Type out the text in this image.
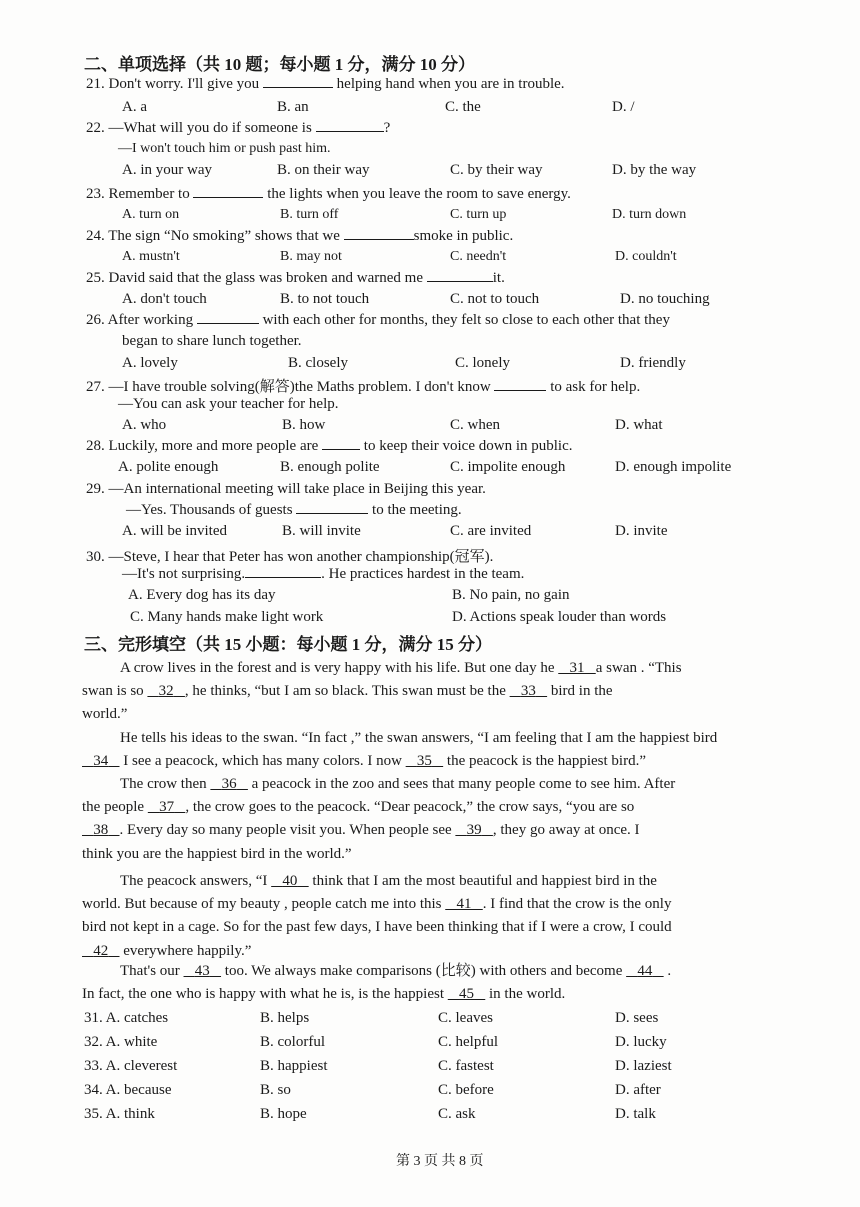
二、单项选择（共 10 题；每小题 1 分，满分 10 分）
21. Don't worry. I'll give you	helping hand when you are in trouble.
A. a	B. an	C. the	D. /
22. —What will you do if someone is	?
—I won't touch him or push past him.
A. in your way	B. on their way	C. by their way	D. by the way
23. Remember to	the lights when you leave the room to save energy.
A. turn on	B. turn off	C. turn up	D. turn down
24. The sign “No smoking” shows that we	smoke in public.
A. mustn't	B. may not	C. needn't	D. couldn't
25. David said that the glass was broken and warned me	it.
A. don't touch	B. to not touch	C. not to touch	D. no touching
26. After working	with each other for months, they felt so close to each other that they
began to share lunch together.
A. lovely	B. closely	C. lonely	D. friendly
27. —I have trouble solving(解答)the Maths problem. I don't know	to ask for help.
—You can ask your teacher for help.
A. who	B. how	C. when	D. what
28. Luckily, more and more people are	to keep their voice down in public.
A. polite enough	B. enough polite	C. impolite enough	D. enough impolite
29. —An international meeting will take place in Beijing this year.
—Yes. Thousands of guests	to the meeting.
A. will be invited	B. will invite	C. are invited	D. invite
30. —Steve, I hear that Peter has won another championship(冠军).
—It's not surprising.	. He practices hardest in the team.
A. Every dog has its day	B. No pain, no gain
C. Many hands make light work	D. Actions speak louder than words
三、完形填空（共 15 小题：每小题 1 分，满分 15 分）
A crow lives in the forest and is very happy with his life. But one day he    31 a swan . “This
swan is so    32 , he thinks, “but I am so black. This swan must be the    33    bird in the
world.”
He tells his ideas to the swan. “In fact ,” the swan answers, “I am feeling that I am the happiest bird
34    I see a peacock, which has many colors. I now    35    the peacock is the happiest bird.”
The crow then    36    a peacock in the zoo and sees that many people come to see him. After
the people    37 , the crow goes to the peacock. “Dear peacock,” the crow says, “you are so
38 . Every day so many people visit you. When people see    39 , they go away at once. I
think you are the happiest bird in the world.”
The peacock answers, “I    40    think that I am the most beautiful and happiest bird in the
world. But because of my beauty , people catch me into this    41 . I find that the crow is the only
bird not kept in a cage. So for the past few days, I have been thinking that if I were a crow, I could
42    everywhere happily.”
That's our    43    too. We always make comparisons (比较) with others and become    44    .
In fact, the one who is happy with what he is, is the happiest    45    in the world.
31. A. catches	B. helps	C. leaves	D. sees
32. A. white	B. colorful	C. helpful	D. lucky
33. A. cleverest	B. happiest	C. fastest	D. laziest
34. A. because	B. so	C. before	D. after
35. A. think	B. hope	C. ask	D. talk
第 3 页 共 8 页
